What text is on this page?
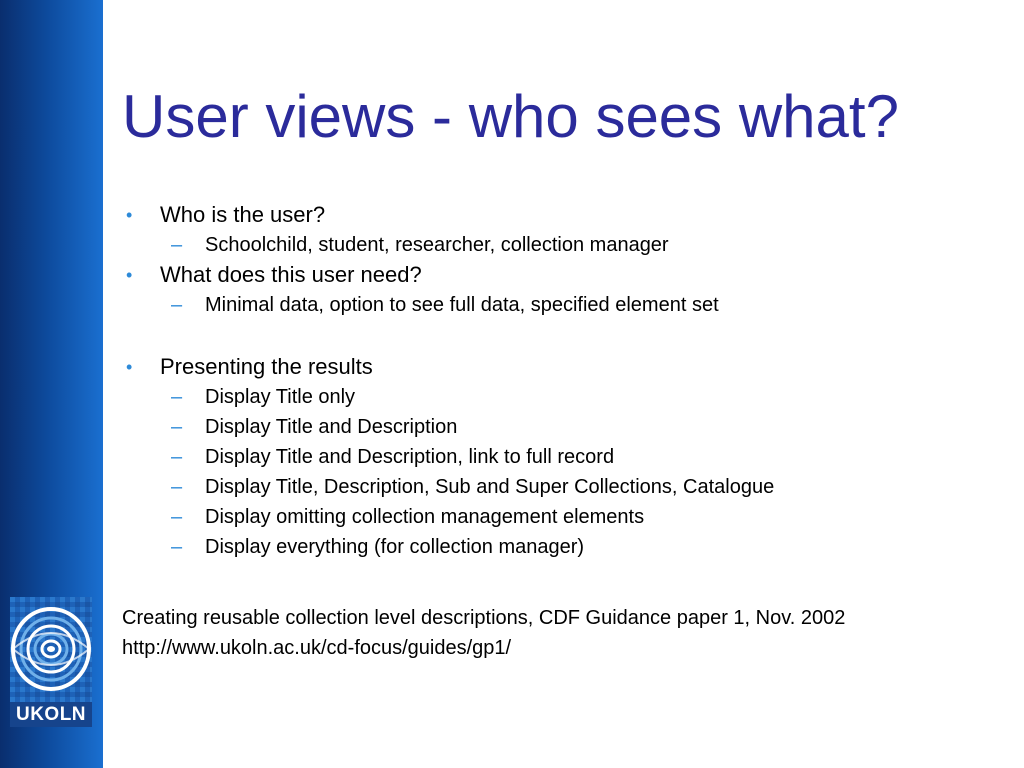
UKOLN
User views - who sees what?
• Who is the user?
– Schoolchild, student, researcher, collection manager
• What does this user need?
– Minimal data, option to see full data, specified element set
• Presenting the results
– Display Title only
– Display Title and Description
– Display Title and Description, link to full record
– Display Title, Description, Sub and Super Collections, Catalogue
– Display omitting collection management elements
– Display everything (for collection manager)
Creating reusable collection level descriptions, CDF Guidance paper 1, Nov. 2002
http://www.ukoln.ac.uk/cd-focus/guides/gp1/
